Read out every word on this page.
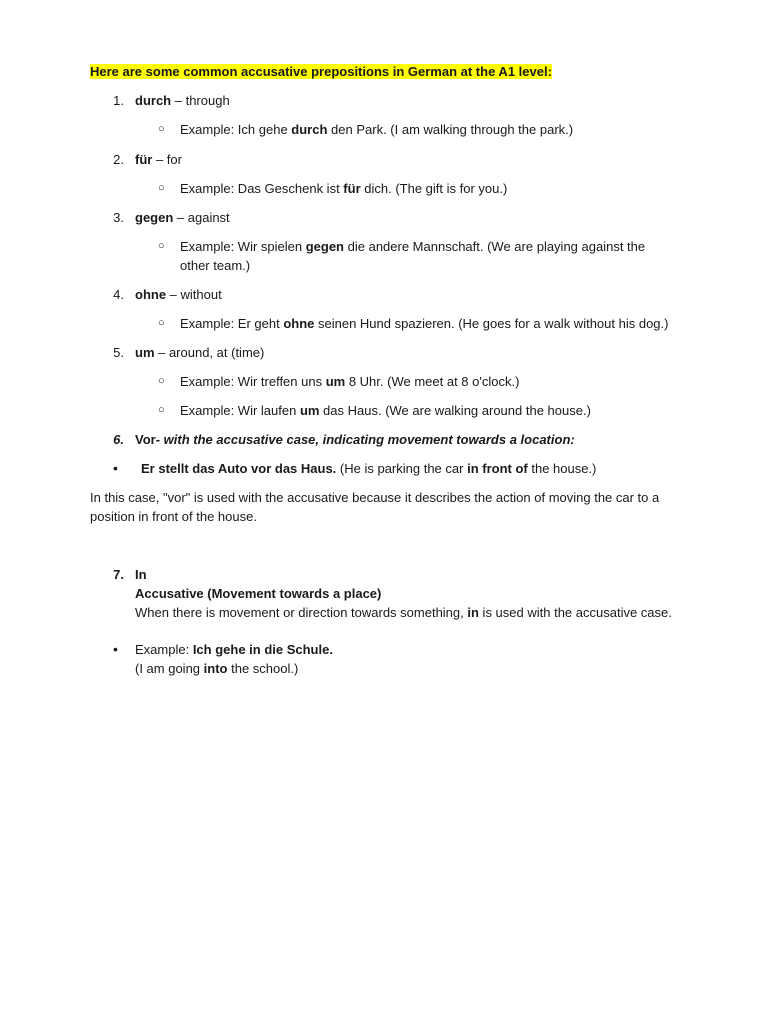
Here are some common accusative prepositions in German at the A1 level:
1. durch – through
○ Example: Ich gehe durch den Park. (I am walking through the park.)
2. für – for
○ Example: Das Geschenk ist für dich. (The gift is for you.)
3. gegen – against
○ Example: Wir spielen gegen die andere Mannschaft. (We are playing against the other team.)
4. ohne – without
○ Example: Er geht ohne seinen Hund spazieren. (He goes for a walk without his dog.)
5. um – around, at (time)
○ Example: Wir treffen uns um 8 Uhr. (We meet at 8 o'clock.)
○ Example: Wir laufen um das Haus. (We are walking around the house.)
6. Vor- with the accusative case, indicating movement towards a location:
• Er stellt das Auto vor das Haus. (He is parking the car in front of the house.)
In this case, "vor" is used with the accusative because it describes the action of moving the car to a position in front of the house.
7. In
Accusative (Movement towards a place)
When there is movement or direction towards something, in is used with the accusative case.
• Example: Ich gehe in die Schule.
(I am going into the school.)
